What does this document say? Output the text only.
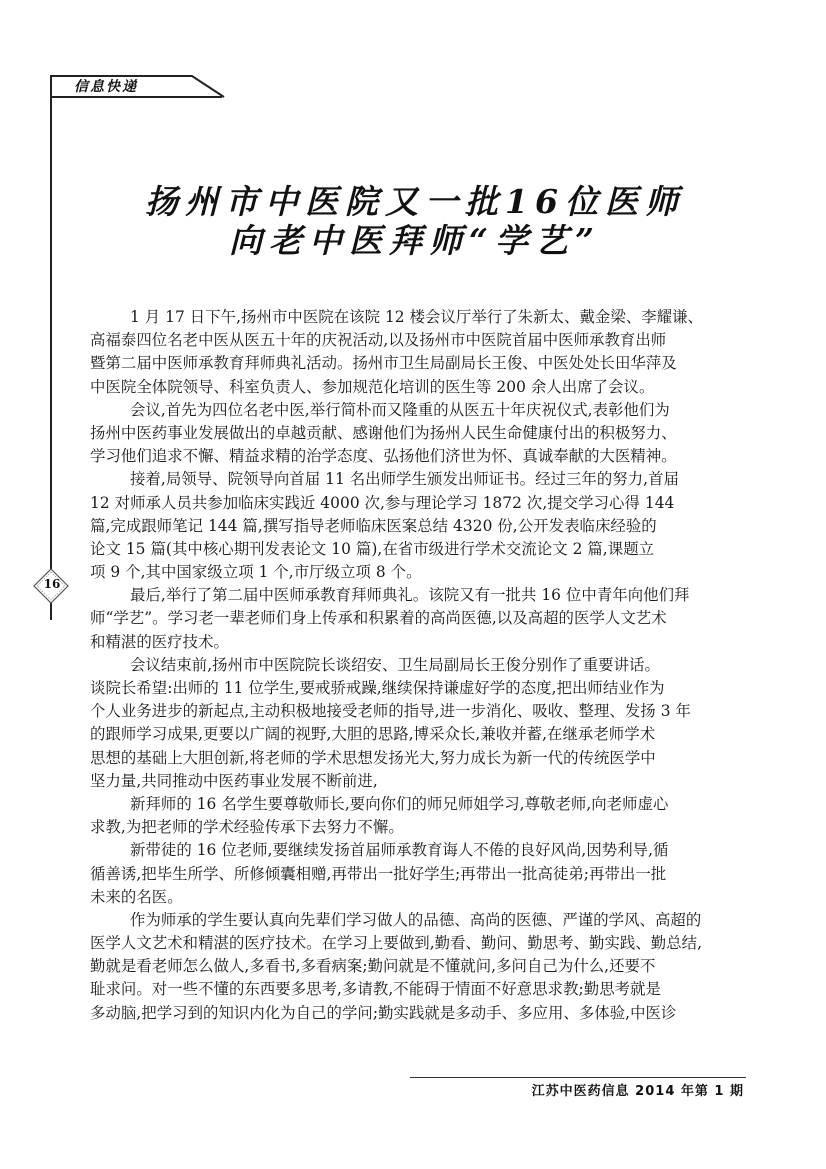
信息快递
16
扬州市中医院又一批16位医师
向老中医拜师“学艺”
1 月 17 日下午,扬州市中医院在该院 12 楼会议厅举行了朱新太、戴金梁、李耀谦、
高福泰四位名老中医从医五十年的庆祝活动,以及扬州市中医院首届中医师承教育出师
暨第二届中医师承教育拜师典礼活动。扬州市卫生局副局长王俊、中医处处长田华萍及
中医院全体院领导、科室负责人、参加规范化培训的医生等 200 余人出席了会议。
会议,首先为四位名老中医,举行简朴而又隆重的从医五十年庆祝仪式,表彰他们为
扬州中医药事业发展做出的卓越贡献、感谢他们为扬州人民生命健康付出的积极努力、
学习他们追求不懈、精益求精的治学态度、弘扬他们济世为怀、真诚奉献的大医精神。
接着,局领导、院领导向首届 11 名出师学生颁发出师证书。经过三年的努力,首届
12 对师承人员共参加临床实践近 4000 次,参与理论学习 1872 次,提交学习心得 144
篇,完成跟师笔记 144 篇,撰写指导老师临床医案总结 4320 份,公开发表临床经验的
论文 15 篇(其中核心期刊发表论文 10 篇),在省市级进行学术交流论文 2 篇,课题立
项 9 个,其中国家级立项 1 个,市厅级立项 8 个。
最后,举行了第二届中医师承教育拜师典礼。该院又有一批共 16 位中青年向他们拜
师“学艺”。学习老一辈老师们身上传承和积累着的高尚医德,以及高超的医学人文艺术
和精湛的医疗技术。
会议结束前,扬州市中医院院长谈绍安、卫生局副局长王俊分别作了重要讲话。
谈院长希望:出师的 11 位学生,要戒骄戒躁,继续保持谦虚好学的态度,把出师结业作为
个人业务进步的新起点,主动积极地接受老师的指导,进一步消化、吸收、整理、发扬 3 年
的跟师学习成果,更要以广阔的视野,大胆的思路,博采众长,兼收并蓄,在继承老师学术
思想的基础上大胆创新,将老师的学术思想发扬光大,努力成长为新一代的传统医学中
坚力量,共同推动中医药事业发展不断前进,
新拜师的 16 名学生要尊敬师长,要向你们的师兄师姐学习,尊敬老师,向老师虚心
求教,为把老师的学术经验传承下去努力不懈。
新带徒的 16 位老师,要继续发扬首届师承教育诲人不倦的良好风尚,因势利导,循
循善诱,把毕生所学、所修倾囊相赠,再带出一批好学生;再带出一批高徒弟;再带出一批
未来的名医。
作为师承的学生要认真向先辈们学习做人的品德、高尚的医德、严谨的学风、高超的
医学人文艺术和精湛的医疗技术。在学习上要做到,勤看、勤问、勤思考、勤实践、勤总结,
勤就是看老师怎么做人,多看书,多看病案;勤问就是不懂就问,多问自己为什么,还要不
耻求问。对一些不懂的东西要多思考,多请教,不能碍于情面不好意思求教;勤思考就是
多动脑,把学习到的知识内化为自己的学问;勤实践就是多动手、多应用、多体验,中医诊
江苏中医药信息 2014 年第 1 期
